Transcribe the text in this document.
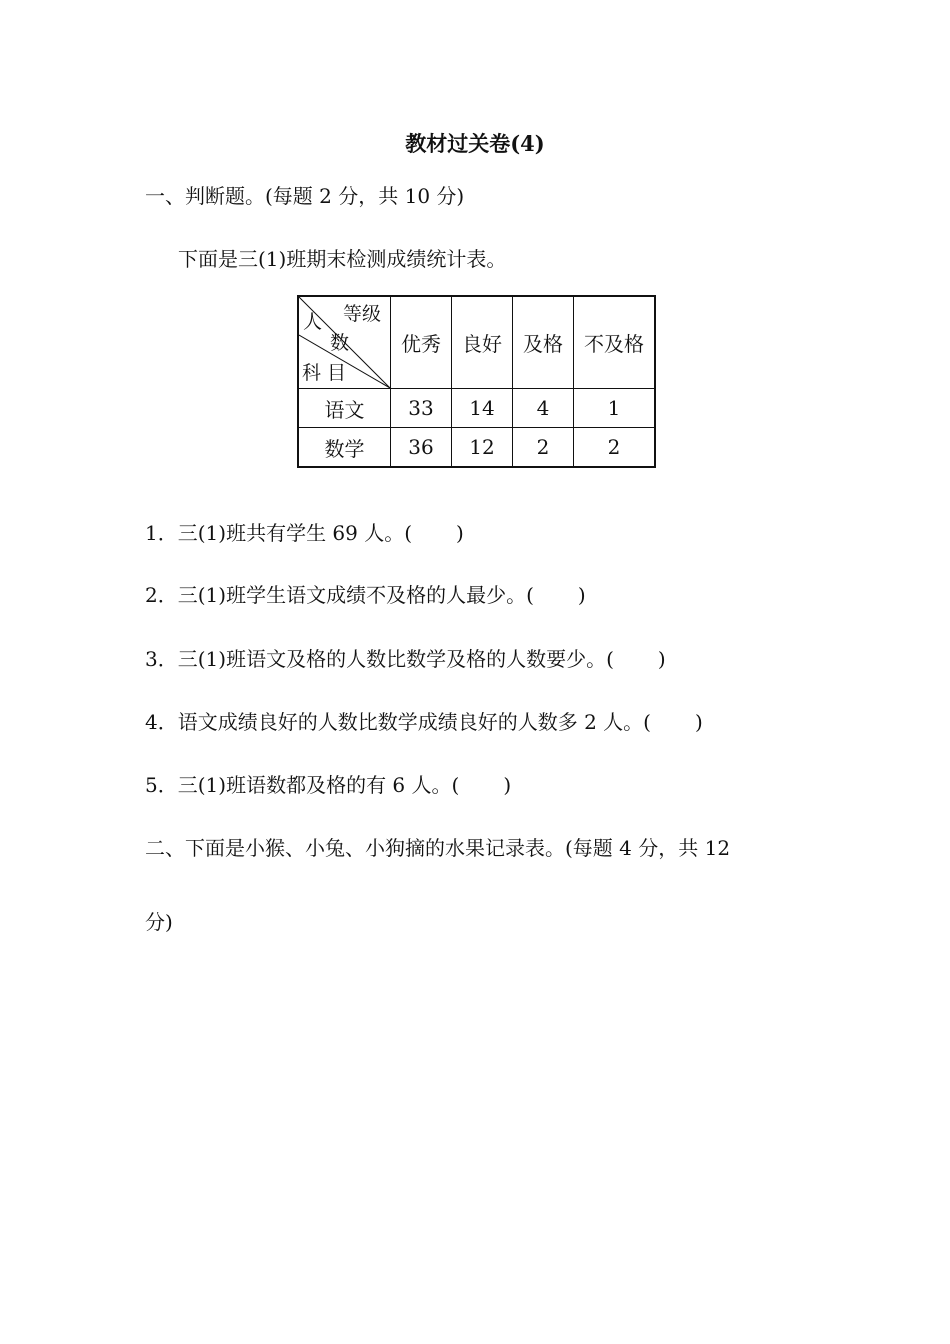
教材过关卷(4)
一、判断题。(每题 2 分，共 10 分)
下面是三(1)班期末检测成绩统计表。
等级
人
数
科 目	优秀	良好	及格	不及格
语文	33	14	4	1
数学	36	12	2	2
1．三(1)班共有学生 69 人。( )
2．三(1)班学生语文成绩不及格的人最少。( )
3．三(1)班语文及格的人数比数学及格的人数要少。( )
4．语文成绩良好的人数比数学成绩良好的人数多 2 人。( )
5．三(1)班语数都及格的有 6 人。( )
二、下面是小猴、小兔、小狗摘的水果记录表。(每题 4 分，共 12
分)
